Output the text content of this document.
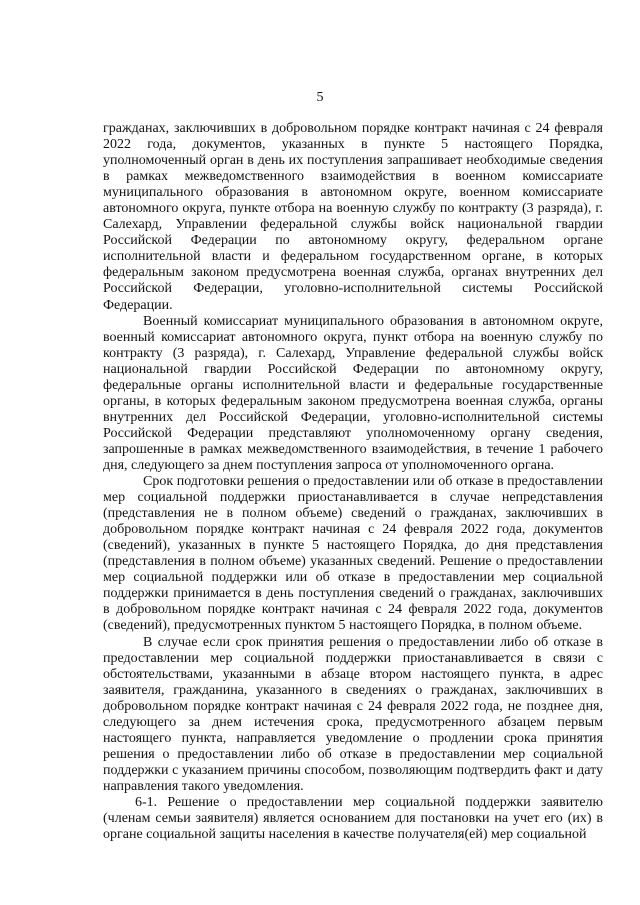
5

гражданах, заключивших в добровольном порядке контракт начиная с 24 февраля 2022 года, документов, указанных в пункте 5 настоящего Порядка, уполномоченный орган в день их поступления запрашивает необходимые сведения в рамках межведомственного взаимодействия в военном комиссариате муниципального образования в автономном округе, военном комиссариате автономного округа, пункте отбора на военную службу по контракту (3 разряда), г. Салехард, Управлении федеральной службы войск национальной гвардии Российской Федерации по автономному округу, федеральном органе исполнительной власти и федеральном государственном органе, в которых федеральным законом предусмотрена военная служба, органах внутренних дел Российской Федерации, уголовно-исполнительной системы Российской Федерации.

Военный комиссариат муниципального образования в автономном округе, военный комиссариат автономного округа, пункт отбора на военную службу по контракту (3 разряда), г. Салехард, Управление федеральной службы войск национальной гвардии Российской Федерации по автономному округу, федеральные органы исполнительной власти и федеральные государственные органы, в которых федеральным законом предусмотрена военная служба, органы внутренних дел Российской Федерации, уголовно-исполнительной системы Российской Федерации представляют уполномоченному органу сведения, запрошенные в рамках межведомственного взаимодействия, в течение 1 рабочего дня, следующего за днем поступления запроса от уполномоченного органа.

Срок подготовки решения о предоставлении или об отказе в предоставлении мер социальной поддержки приостанавливается в случае непредставления (представления не в полном объеме) сведений о гражданах, заключивших в добровольном порядке контракт начиная с 24 февраля 2022 года, документов (сведений), указанных в пункте 5 настоящего Порядка, до дня представления (представления в полном объеме) указанных сведений. Решение о предоставлении мер социальной поддержки или об отказе в предоставлении мер социальной поддержки принимается в день поступления сведений о гражданах, заключивших в добровольном порядке контракт начиная с 24 февраля 2022 года, документов (сведений), предусмотренных пунктом 5 настоящего Порядка, в полном объеме.

В случае если срок принятия решения о предоставлении либо об отказе в предоставлении мер социальной поддержки приостанавливается в связи с обстоятельствами, указанными в абзаце втором настоящего пункта, в адрес заявителя, гражданина, указанного в сведениях о гражданах, заключивших в добровольном порядке контракт начиная с 24 февраля 2022 года, не позднее дня, следующего за днем истечения срока, предусмотренного абзацем первым настоящего пункта, направляется уведомление о продлении срока принятия решения о предоставлении либо об отказе в предоставлении мер социальной поддержки с указанием причины способом, позволяющим подтвердить факт и дату направления такого уведомления.

6-1. Решение о предоставлении мер социальной поддержки заявителю (членам семьи заявителя) является основанием для постановки на учет его (их) в органе социальной защиты населения в качестве получателя(ей) мер социальной
